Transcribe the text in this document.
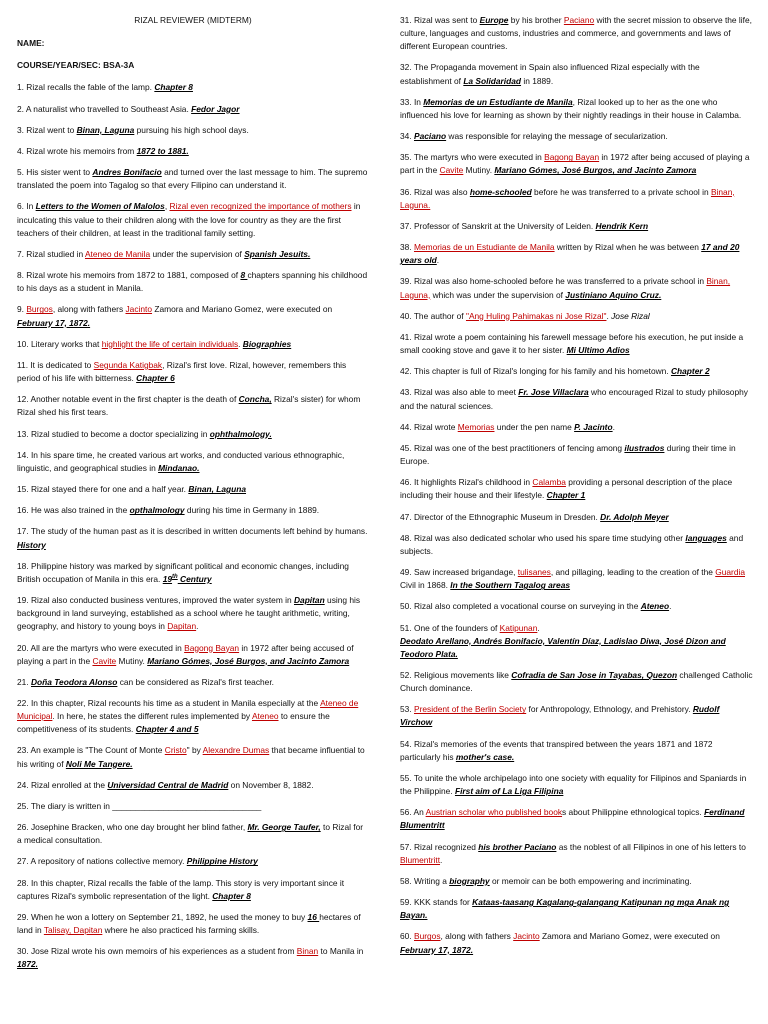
RIZAL REVIEWER (MIDTERM)
NAME:
COURSE/YEAR/SEC: BSA-3A
1. Rizal recalls the fable of the lamp. Chapter 8
2. A naturalist who travelled to Southeast Asia. Fedor Jagor
3. Rizal went to Binan, Laguna pursuing his high school days.
4. Rizal wrote his memoirs from 1872 to 1881.
5. His sister went to Andres Bonifacio and turned over the last message to him. The supremo translated the poem into Tagalog so that every Filipino can understand it.
6. In Letters to the Women of Malolos, Rizal even recognized the importance of mothers in inculcating this value to their children along with the love for country as they are the first teachers of their children, at least in the traditional family setting.
7. Rizal studied in Ateneo de Manila under the supervision of Spanish Jesuits.
8. Rizal wrote his memoirs from 1872 to 1881, composed of 8 chapters spanning his childhood to his days as a student in Manila.
9. Burgos, along with fathers Jacinto Zamora and Mariano Gomez, were executed on February 17, 1872.
10. Literary works that highlight the life of certain individuals. Biographies
11. It is dedicated to Segunda Katigbak, Rizal's first love. Rizal, however, remembers this period of his life with bitterness. Chapter 6
12. Another notable event in the first chapter is the death of Concha, Rizal's sister) for whom Rizal shed his first tears.
13. Rizal studied to become a doctor specializing in ophthalmology.
14. In his spare time, he created various art works, and conducted various ethnographic, linguistic, and geographical studies in Mindanao.
15. Rizal stayed there for one and a half year. Binan, Laguna
16. He was also trained in the opthalmology during his time in Germany in 1889.
17. The study of the human past as it is described in written documents left behind by humans. History
18. Philippine history was marked by significant political and economic changes, including British occupation of Manila in this era. 19th Century
19. Rizal also conducted business ventures, improved the water system in Dapitan using his background in land surveying, established as a school where he taught arithmetic, writing, geography, and history to young boys in Dapitan.
20. All are the martyrs who were executed in Bagong Bayan in 1972 after being accused of playing a part in the Cavite Mutiny. Mariano Gómes, José Burgos, and Jacinto Zamora
21. Doña Teodora Alonso can be considered as Rizal's first teacher.
22. In this chapter, Rizal recounts his time as a student in Manila especially at the Ateneo de Municipal. In here, he states the different rules implemented by Ateneo to ensure the competitiveness of its students. Chapter 4 and 5
23. An example is "The Count of Monte Cristo" by Alexandre Dumas that became influential to his writing of Noli Me Tangere.
24. Rizal enrolled at the Universidad Central de Madrid on November 8, 1882.
25. The diary is written in ________________________________
26. Josephine Bracken, who one day brought her blind father, Mr. George Taufer, to Rizal for a medical consultation.
27. A repository of nations collective memory. Philippine History
28. In this chapter, Rizal recalls the fable of the lamp. This story is very important since it captures Rizal's symbolic representation of the light. Chapter 8
29. When he won a lottery on September 21, 1892, he used the money to buy 16 hectares of land in Talisay, Dapitan where he also practiced his farming skills.
30. Jose Rizal wrote his own memoirs of his experiences as a student from Binan to Manila in 1872.
31. Rizal was sent to Europe by his brother Paciano with the secret mission to observe the life, culture, languages and customs, industries and commerce, and governments and laws of different European countries.
32. The Propaganda movement in Spain also influenced Rizal especially with the establishment of La Solidaridad in 1889.
33. In Memorias de un Estudiante de Manila, Rizal looked up to her as the one who influenced his love for learning as shown by their nightly readings in their house in Calamba.
34. Paciano was responsible for relaying the message of secularization.
35. The martyrs who were executed in Bagong Bayan in 1972 after being accused of playing a part in the Cavite Mutiny. Mariano Gómes, José Burgos, and Jacinto Zamora
36. Rizal was also home-schooled before he was transferred to a private school in Binan, Laguna.
37. Professor of Sanskrit at the University of Leiden. Hendrik Kern
38. Memorias de un Estudiante de Manila written by Rizal when he was between 17 and 20 years old.
39. Rizal was also home-schooled before he was transferred to a private school in Binan, Laguna, which was under the supervision of Justiniano Aquino Cruz.
40. The author of "Ang Huling Pahimakas ni Jose Rizal". Jose Rizal
41. Rizal wrote a poem containing his farewell message before his execution, he put inside a small cooking stove and gave it to her sister. Mi Ultimo Adios
42. This chapter is full of Rizal's longing for his family and his hometown. Chapter 2
43. Rizal was also able to meet Fr. Jose Villaclara who encouraged Rizal to study philosophy and the natural sciences.
44. Rizal wrote Memorias under the pen name P. Jacinto.
45. Rizal was one of the best practitioners of fencing among ilustrados during their time in Europe.
46. It highlights Rizal's childhood in Calamba providing a personal description of the place including their house and their lifestyle. Chapter 1
47. Director of the Ethnographic Museum in Dresden. Dr. Adolph Meyer
48. Rizal was also dedicated scholar who used his spare time studying other languages and subjects.
49. Saw increased brigandage, tulisanes, and pillaging, leading to the creation of the Guardia Civil in 1868. In the Southern Tagalog areas
50. Rizal also completed a vocational course on surveying in the Ateneo.
51. One of the founders of Katipunan.
Deodato Arellano, Andrés Bonifacio, Valentín Díaz, Ladislao Diwa, José Dizon and Teodoro Plata.
52. Religious movements like Cofradia de San Jose in Tayabas, Quezon challenged Catholic Church dominance.
53. President of the Berlin Society for Anthropology, Ethnology, and Prehistory. Rudolf Virchow
54. Rizal's memories of the events that transpired between the years 1871 and 1872 particularly his mother's case.
55. To unite the whole archipelago into one society with equality for Filipinos and Spaniards in the Philippine. First aim of La Liga Filipina
56. An Austrian scholar who published books about Philippine ethnological topics. Ferdinand Blumentritt
57. Rizal recognized his brother Paciano as the noblest of all Filipinos in one of his letters to Blumentritt.
58. Writing a biography or memoir can be both empowering and incriminating.
59. KKK stands for Kataas-taasang Kagalang-galangang Katipunan ng mga Anak ng Bayan.
60. Burgos, along with fathers Jacinto Zamora and Mariano Gomez, were executed on February 17, 1872.
